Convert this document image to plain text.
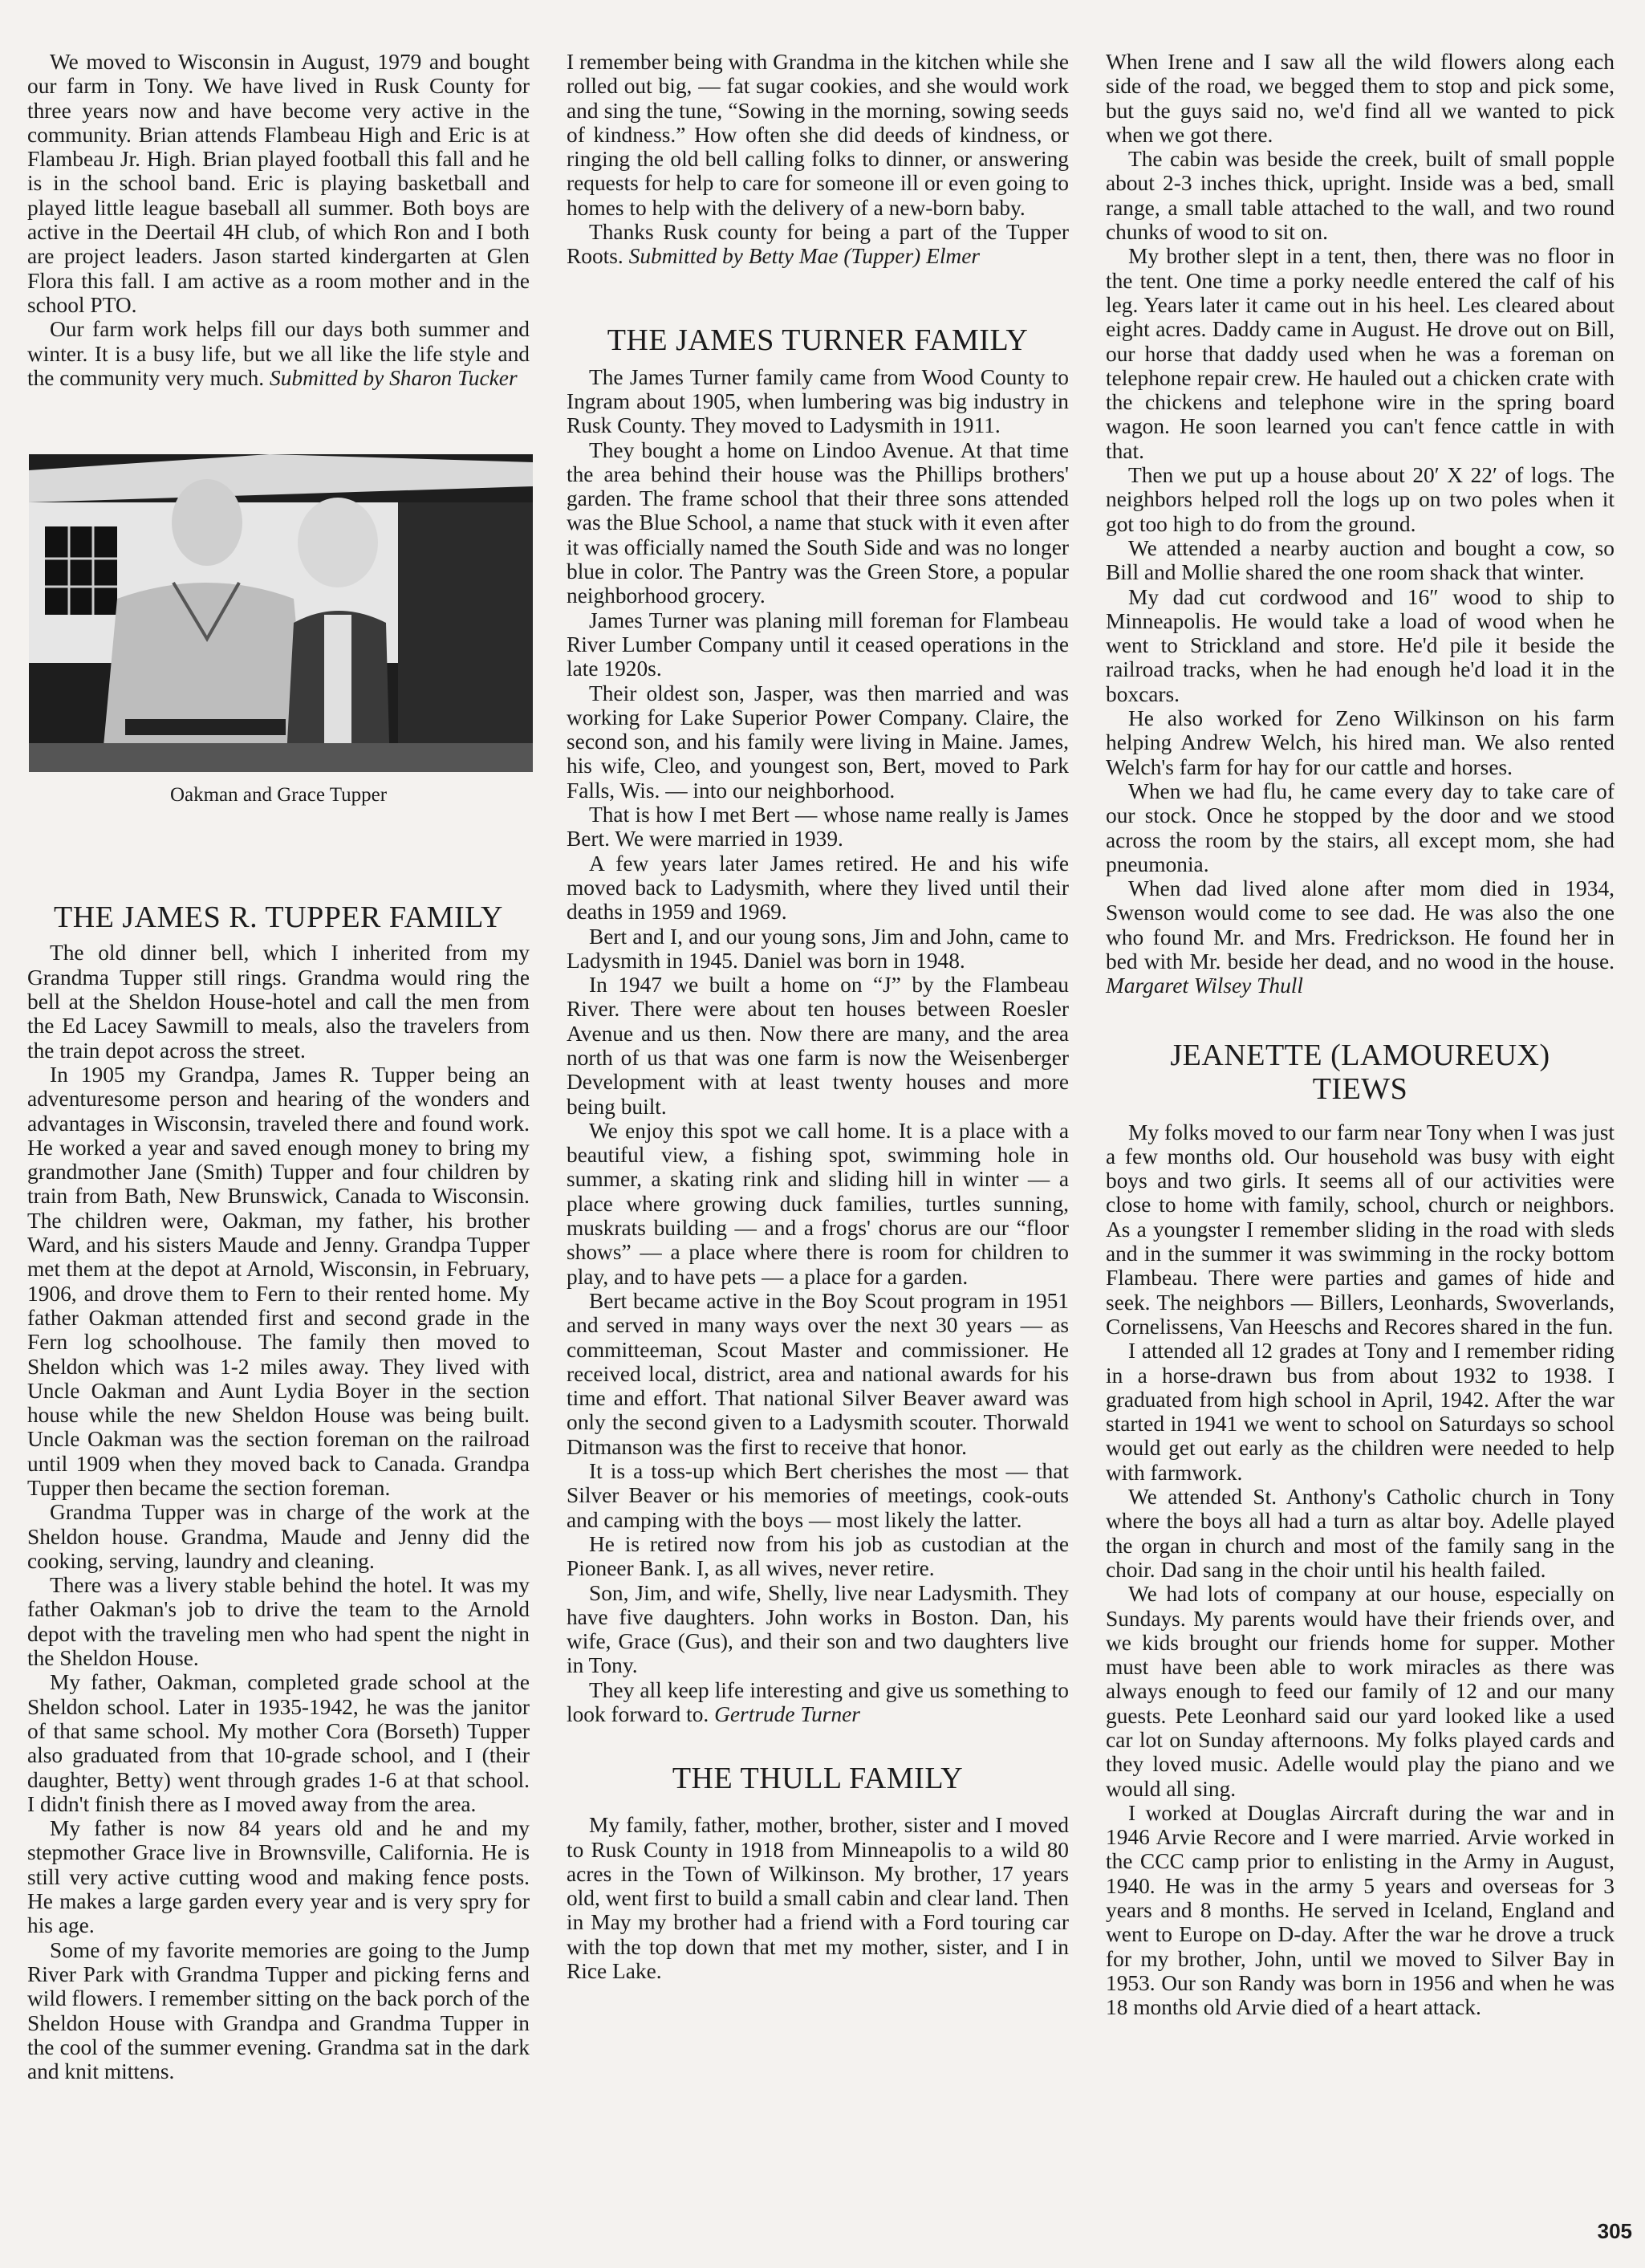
We moved to Wisconsin in August, 1979 and bought our farm in Tony. We have lived in Rusk County for three years now and have become very active in the community. Brian attends Flambeau High and Eric is at Flambeau Jr. High. Brian played football this fall and he is in the school band. Eric is playing basketball and played little league baseball all summer. Both boys are active in the Deertail 4H club, of which Ron and I both are project leaders. Jason started kindergarten at Glen Flora this fall. I am active as a room mother and in the school PTO.

Our farm work helps fill our days both summer and winter. It is a busy life, but we all like the life style and the community very much. Submitted by Sharon Tucker

Oakman and Grace Tupper
THE JAMES R. TUPPER FAMILY

The old dinner bell, which I inherited from my Grandma Tupper still rings. Grandma would ring the bell at the Sheldon House-hotel and call the men from the Ed Lacey Sawmill to meals, also the travelers from the train depot across the street.

In 1905 my Grandpa, James R. Tupper being an adventuresome person and hearing of the wonders and advantages in Wisconsin, traveled there and found work. He worked a year and saved enough money to bring my grandmother Jane (Smith) Tupper and four children by train from Bath, New Brunswick, Canada to Wisconsin. The children were, Oakman, my father, his brother Ward, and his sisters Maude and Jenny. Grandpa Tupper met them at the depot at Arnold, Wisconsin, in February, 1906, and drove them to Fern to their rented home. My father Oakman attended first and second grade in the Fern log schoolhouse. The family then moved to Sheldon which was 1-2 miles away. They lived with Uncle Oakman and Aunt Lydia Boyer in the section house while the new Sheldon House was being built. Uncle Oakman was the section foreman on the railroad until 1909 when they moved back to Canada. Grandpa Tupper then became the section foreman.

Grandma Tupper was in charge of the work at the Sheldon house. Grandma, Maude and Jenny did the cooking, serving, laundry and cleaning.

There was a livery stable behind the hotel. It was my father Oakman's job to drive the team to the Arnold depot with the traveling men who had spent the night in the Sheldon House.

My father, Oakman, completed grade school at the Sheldon school. Later in 1935-1942, he was the janitor of that same school. My mother Cora (Borseth) Tupper also graduated from that 10-grade school, and I (their daughter, Betty) went through grades 1-6 at that school. I didn't finish there as I moved away from the area.

My father is now 84 years old and he and my stepmother Grace live in Brownsville, California. He is still very active cutting wood and making fence posts. He makes a large garden every year and is very spry for his age.

Some of my favorite memories are going to the Jump River Park with Grandma Tupper and picking ferns and wild flowers. I remember sitting on the back porch of the Sheldon House with Grandpa and Grandma Tupper in the cool of the summer evening. Grandma sat in the dark and knit mittens.

I remember being with Grandma in the kitchen while she rolled out big, — fat sugar cookies, and she would work and sing the tune, “Sowing in the morning, sowing seeds of kindness.” How often she did deeds of kindness, or ringing the old bell calling folks to dinner, or answering requests for help to care for someone ill or even going to homes to help with the delivery of a new-born baby.

Thanks Rusk county for being a part of the Tupper Roots. Submitted by Betty Mae (Tupper) Elmer

THE JAMES TURNER FAMILY

The James Turner family came from Wood County to Ingram about 1905, when lumbering was big industry in Rusk County. They moved to Ladysmith in 1911.

They bought a home on Lindoo Avenue. At that time the area behind their house was the Phillips brothers' garden. The frame school that their three sons attended was the Blue School, a name that stuck with it even after it was officially named the South Side and was no longer blue in color. The Pantry was the Green Store, a popular neighborhood grocery.

James Turner was planing mill foreman for Flambeau River Lumber Company until it ceased operations in the late 1920s.

Their oldest son, Jasper, was then married and was working for Lake Superior Power Company. Claire, the second son, and his family were living in Maine. James, his wife, Cleo, and youngest son, Bert, moved to Park Falls, Wis. — into our neighborhood.

That is how I met Bert — whose name really is James Bert. We were married in 1939.

A few years later James retired. He and his wife moved back to Ladysmith, where they lived until their deaths in 1959 and 1969.

Bert and I, and our young sons, Jim and John, came to Ladysmith in 1945. Daniel was born in 1948.

In 1947 we built a home on “J” by the Flambeau River. There were about ten houses between Roesler Avenue and us then. Now there are many, and the area north of us that was one farm is now the Weisenberger Development with at least twenty houses and more being built.

We enjoy this spot we call home. It is a place with a beautiful view, a fishing spot, swimming hole in summer, a skating rink and sliding hill in winter — a place where growing duck families, turtles sunning, muskrats building — and a frogs' chorus are our “floor shows” — a place where there is room for children to play, and to have pets — a place for a garden.

Bert became active in the Boy Scout program in 1951 and served in many ways over the next 30 years — as committeeman, Scout Master and commissioner. He received local, district, area and national awards for his time and effort. That national Silver Beaver award was only the second given to a Ladysmith scouter. Thorwald Ditmanson was the first to receive that honor.

It is a toss-up which Bert cherishes the most — that Silver Beaver or his memories of meetings, cook-outs and camping with the boys — most likely the latter.

He is retired now from his job as custodian at the Pioneer Bank. I, as all wives, never retire.

Son, Jim, and wife, Shelly, live near Ladysmith. They have five daughters. John works in Boston. Dan, his wife, Grace (Gus), and their son and two daughters live in Tony.

They all keep life interesting and give us something to look forward to. Gertrude Turner

THE THULL FAMILY

My family, father, mother, brother, sister and I moved to Rusk County in 1918 from Minneapolis to a wild 80 acres in the Town of Wilkinson. My brother, 17 years old, went first to build a small cabin and clear land. Then in May my brother had a friend with a Ford touring car with the top down that met my mother, sister, and I in Rice Lake.

When Irene and I saw all the wild flowers along each side of the road, we begged them to stop and pick some, but the guys said no, we'd find all we wanted to pick when we got there.

The cabin was beside the creek, built of small popple about 2-3 inches thick, upright. Inside was a bed, small range, a small table attached to the wall, and two round chunks of wood to sit on.

My brother slept in a tent, then, there was no floor in the tent. One time a porky needle entered the calf of his leg. Years later it came out in his heel. Les cleared about eight acres. Daddy came in August. He drove out on Bill, our horse that daddy used when he was a foreman on telephone repair crew. He hauled out a chicken crate with the chickens and telephone wire in the spring board wagon. He soon learned you can't fence cattle in with that.

Then we put up a house about 20′ X 22′ of logs. The neighbors helped roll the logs up on two poles when it got too high to do from the ground.

We attended a nearby auction and bought a cow, so Bill and Mollie shared the one room shack that winter.

My dad cut cordwood and 16″ wood to ship to Minneapolis. He would take a load of wood when he went to Strickland and store. He'd pile it beside the railroad tracks, when he had enough he'd load it in the boxcars.

He also worked for Zeno Wilkinson on his farm helping Andrew Welch, his hired man. We also rented Welch's farm for hay for our cattle and horses.

When we had flu, he came every day to take care of our stock. Once he stopped by the door and we stood across the room by the stairs, all except mom, she had pneumonia.

When dad lived alone after mom died in 1934, Swenson would come to see dad. He was also the one who found Mr. and Mrs. Fredrickson. He found her in bed with Mr. beside her dead, and no wood in the house. Margaret Wilsey Thull

JEANETTE (LAMOUREUX)
TIEWS

My folks moved to our farm near Tony when I was just a few months old. Our household was busy with eight boys and two girls. It seems all of our activities were close to home with family, school, church or neighbors. As a youngster I remember sliding in the road with sleds and in the summer it was swimming in the rocky bottom Flambeau. There were parties and games of hide and seek. The neighbors — Billers, Leonhards, Swoverlands, Cornelissens, Van Heeschs and Recores shared in the fun.

I attended all 12 grades at Tony and I remember riding in a horse-drawn bus from about 1932 to 1938. I graduated from high school in April, 1942. After the war started in 1941 we went to school on Saturdays so school would get out early as the children were needed to help with farmwork.

We attended St. Anthony's Catholic church in Tony where the boys all had a turn as altar boy. Adelle played the organ in church and most of the family sang in the choir. Dad sang in the choir until his health failed.

We had lots of company at our house, especially on Sundays. My parents would have their friends over, and we kids brought our friends home for supper. Mother must have been able to work miracles as there was always enough to feed our family of 12 and our many guests. Pete Leonhard said our yard looked like a used car lot on Sunday afternoons. My folks played cards and they loved music. Adelle would play the piano and we would all sing.

I worked at Douglas Aircraft during the war and in 1946 Arvie Recore and I were married. Arvie worked in the CCC camp prior to enlisting in the Army in August, 1940. He was in the army 5 years and overseas for 3 years and 8 months. He served in Iceland, England and went to Europe on D-day. After the war he drove a truck for my brother, John, until we moved to Silver Bay in 1953. Our son Randy was born in 1956 and when he was 18 months old Arvie died of a heart attack.

305
